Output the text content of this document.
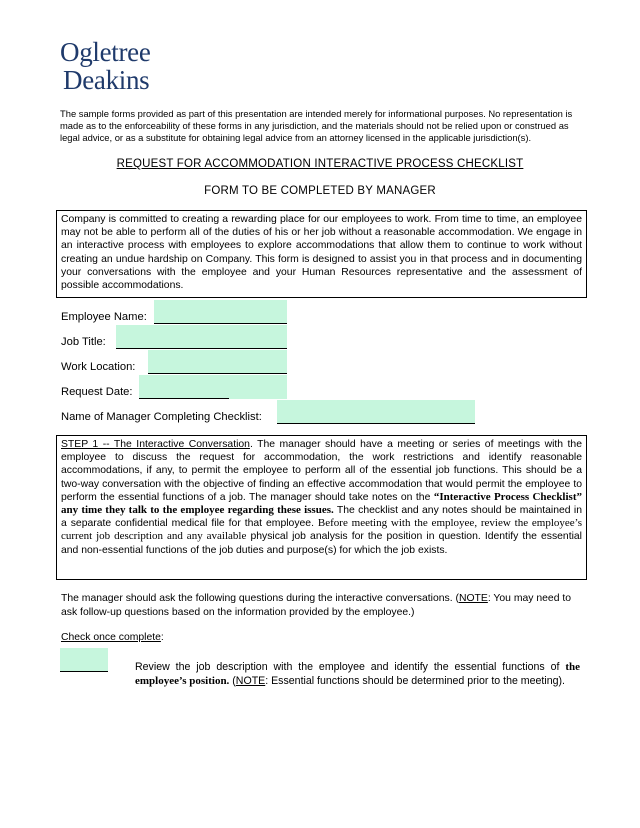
Ogletree
Deakins
The sample forms provided as part of this presentation are intended merely for informational purposes. No representation is made as to the enforceability of these forms in any jurisdiction, and the materials should not be relied upon or construed as legal advice, or as a substitute for obtaining legal advice from an attorney licensed in the applicable jurisdiction(s).
REQUEST FOR ACCOMMODATION INTERACTIVE PROCESS CHECKLIST
FORM TO BE COMPLETED BY MANAGER
Company is committed to creating a rewarding place for our employees to work. From time to time, an employee may not be able to perform all of the duties of his or her job without a reasonable accommodation. We engage in an interactive process with employees to explore accommodations that allow them to continue to work without creating an undue hardship on Company. This form is designed to assist you in that process and in documenting your conversations with the employee and your Human Resources representative and the assessment of possible accommodations.
Employee Name:
Job Title:
Work Location:
Request Date:
Name of Manager Completing Checklist:
STEP 1 -- The Interactive Conversation. The manager should have a meeting or series of meetings with the employee to discuss the request for accommodation, the work restrictions and identify reasonable accommodations, if any, to permit the employee to perform all of the essential job functions. This should be a two-way conversation with the objective of finding an effective accommodation that would permit the employee to perform the essential functions of a job. The manager should take notes on the “Interactive Process Checklist” any time they talk to the employee regarding these issues. The checklist and any notes should be maintained in a separate confidential medical file for that employee. Before meeting with the employee, review the employee’s current job description and any available physical job analysis for the position in question. Identify the essential and non-essential functions of the job duties and purpose(s) for which the job exists.
The manager should ask the following questions during the interactive conversations. (NOTE: You may need to ask follow-up questions based on the information provided by the employee.)
Check once complete:
Review the job description with the employee and identify the essential functions of the employee’s position. (NOTE: Essential functions should be determined prior to the meeting).
